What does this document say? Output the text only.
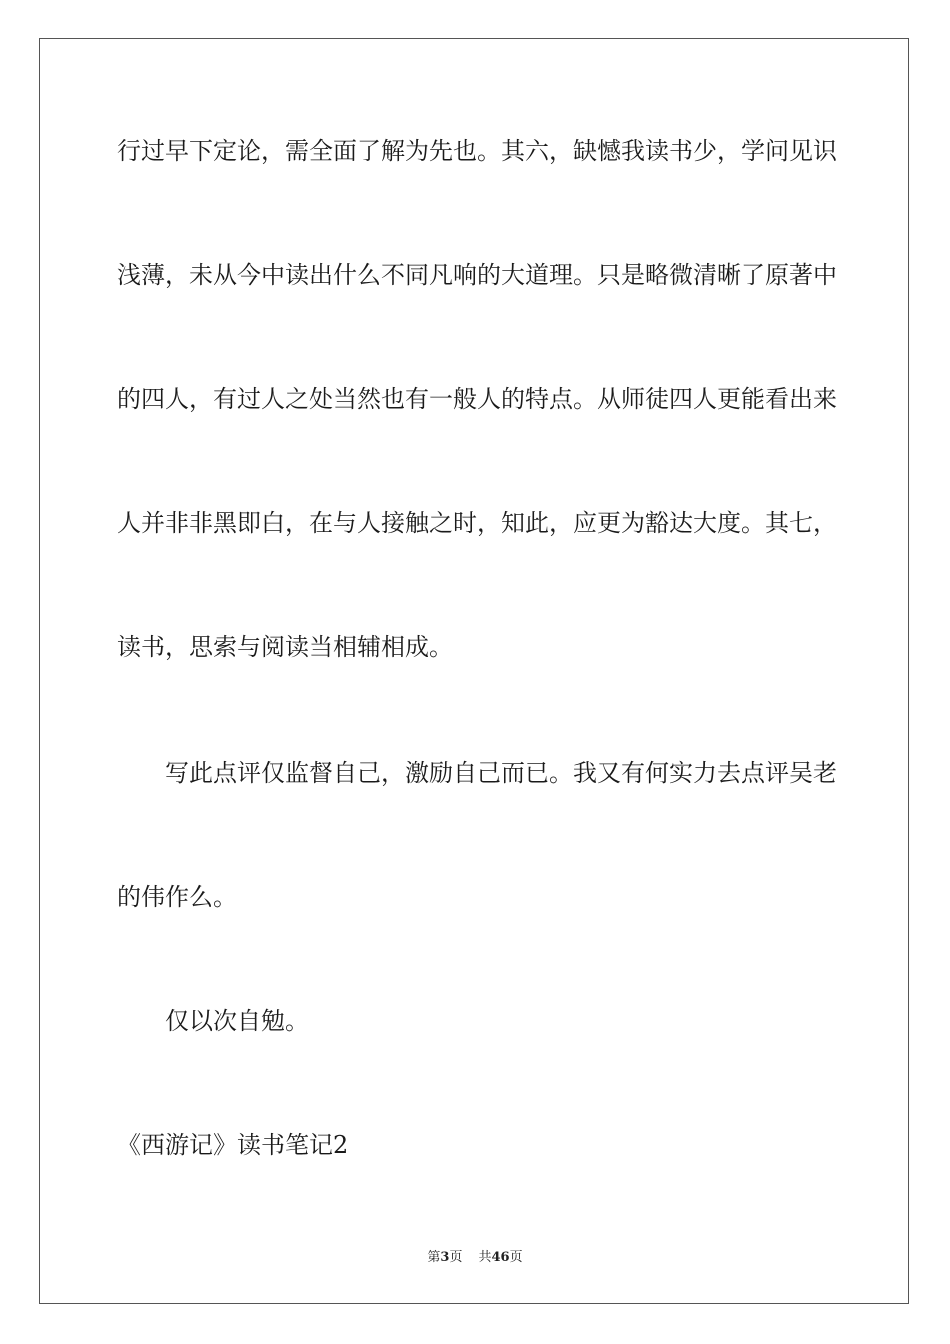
行过早下定论，需全面了解为先也。其六，缺憾我读书少，学问见识
浅薄，未从今中读出什么不同凡响的大道理。只是略微清晰了原著中
的四人，有过人之处当然也有一般人的特点。从师徒四人更能看出来
人并非非黑即白，在与人接触之时，知此，应更为豁达大度。其七，
读书，思索与阅读当相辅相成。
写此点评仅监督自己，激励自己而已。我又有何实力去点评吴老
的伟作么。
仅以次自勉。
《西游记》读书笔记2
第3页 共46页
